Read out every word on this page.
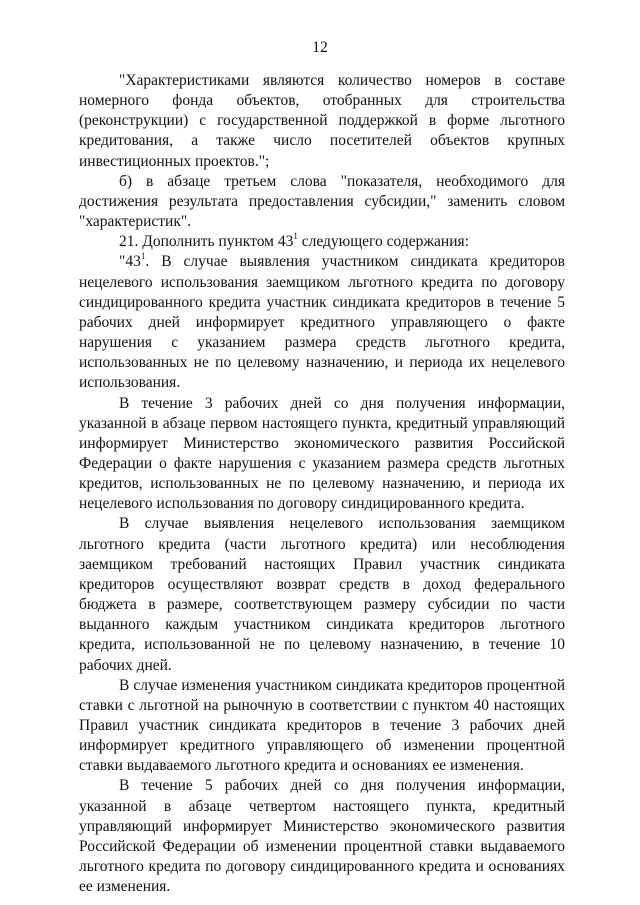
12

"Характеристиками являются количество номеров в составе номерного фонда объектов, отобранных для строительства (реконструкции) с государственной поддержкой в форме льготного кредитования, а также число посетителей объектов крупных инвестиционных проектов.";

б) в абзаце третьем слова "показателя, необходимого для достижения результата предоставления субсидии," заменить словом "характеристик".

21. Дополнить пунктом $43^1$ следующего содержания:

"$43^1$. В случае выявления участником синдиката кредиторов нецелевого использования заемщиком льготного кредита по договору синдицированного кредита участник синдиката кредиторов в течение 5 рабочих дней информирует кредитного управляющего о факте нарушения с указанием размера средств льготного кредита, использованных не по целевому назначению, и периода их нецелевого использования.

В течение 3 рабочих дней со дня получения информации, указанной в абзаце первом настоящего пункта, кредитный управляющий информирует Министерство экономического развития Российской Федерации о факте нарушения с указанием размера средств льготных кредитов, использованных не по целевому назначению, и периода их нецелевого использования по договору синдицированного кредита.

В случае выявления нецелевого использования заемщиком льготного кредита (части льготного кредита) или несоблюдения заемщиком требований настоящих Правил участник синдиката кредиторов осуществляют возврат средств в доход федерального бюджета в размере, соответствующем размеру субсидии по части выданного каждым участником синдиката кредиторов льготного кредита, использованной не по целевому назначению, в течение 10 рабочих дней.

В случае изменения участником синдиката кредиторов процентной ставки с льготной на рыночную в соответствии с пунктом 40 настоящих Правил участник синдиката кредиторов в течение 3 рабочих дней информирует кредитного управляющего об изменении процентной ставки выдаваемого льготного кредита и основаниях ее изменения.

В течение 5 рабочих дней со дня получения информации, указанной в абзаце четвертом настоящего пункта, кредитный управляющий информирует Министерство экономического развития Российской Федерации об изменении процентной ставки выдаваемого льготного кредита по договору синдицированного кредита и основаниях ее изменения.
